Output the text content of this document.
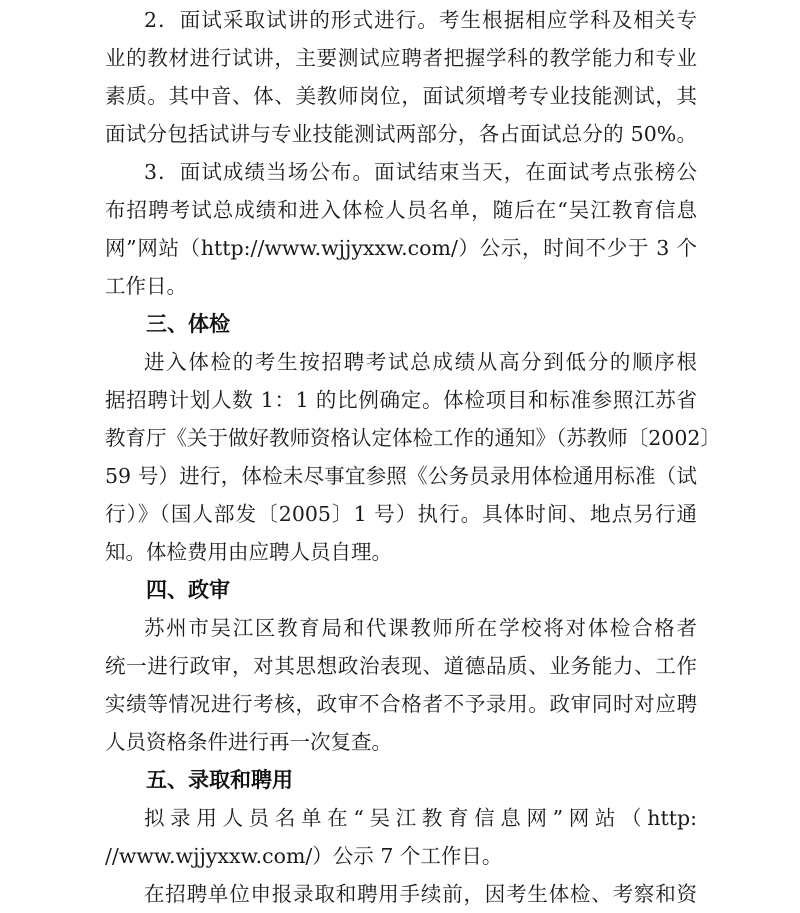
2．面试采取试讲的形式进行。考生根据相应学科及相关专
业的教材进行试讲，主要测试应聘者把握学科的教学能力和专业
素质。其中音、体、美教师岗位，面试须增考专业技能测试，其
面试分包括试讲与专业技能测试两部分，各占面试总分的 50%。
3．面试成绩当场公布。面试结束当天，在面试考点张榜公
布招聘考试总成绩和进入体检人员名单，随后在“吴江教育信息
网”网站（http://www.wjjyxxw.com/）公示，时间不少于 3 个
工作日。
三、体检
进入体检的考生按招聘考试总成绩从高分到低分的顺序根
据招聘计划人数 1：1 的比例确定。体检项目和标准参照江苏省
教育厅《关于做好教师资格认定体检工作的通知》（苏教师〔2002〕
59 号）进行，体检未尽事宜参照《公务员录用体检通用标准（试
行）》（国人部发〔2005〕1 号）执行。具体时间、地点另行通
知。体检费用由应聘人员自理。
四、政审
苏州市吴江区教育局和代课教师所在学校将对体检合格者
统一进行政审，对其思想政治表现、道德品质、业务能力、工作
实绩等情况进行考核，政审不合格者不予录用。政审同时对应聘
人员资格条件进行再一次复查。
五、录取和聘用
拟录用人员名单在“吴江教育信息网”网站（http:
//www.wjjyxxw.com/）公示 7 个工作日。
在招聘单位申报录取和聘用手续前，因考生体检、考察和资
